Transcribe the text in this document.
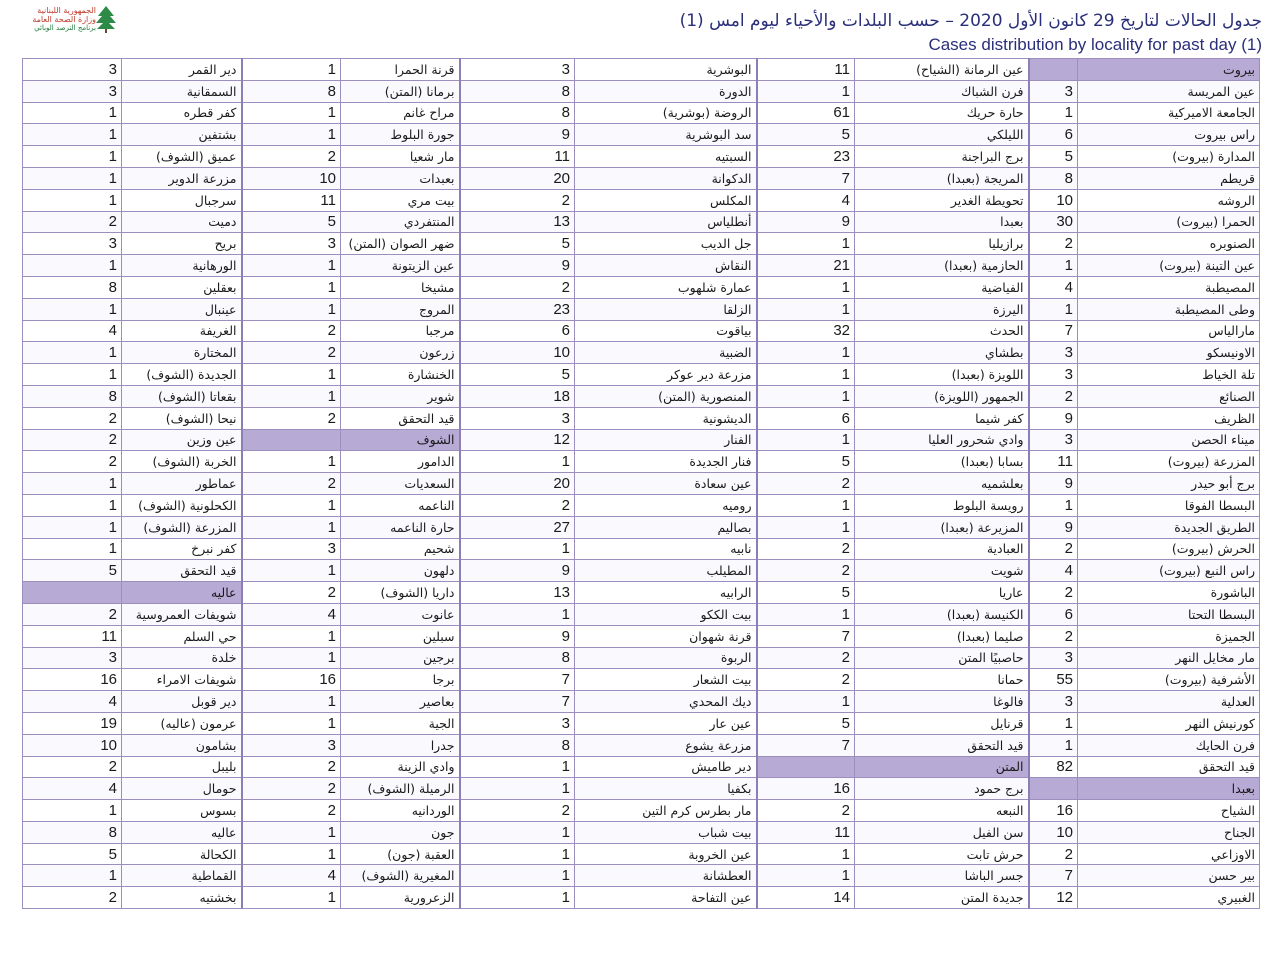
الجمهورية اللبنانية
وزارة الصحة العامة
برنامج الترصد الوبائي	جدول الحالات لتاريخ 29 كانون الأول 2020 – حسب البلدات والأحياء ليوم امس (1)
Cases distribution by locality for past day (1)
3	دير القمر	1	قرنة الحمرا	3	البوشرية	11	عين الرمانة (الشياح)		بيروت
3	السمقانية	8	برمانا (المتن)	8	الدورة	1	فرن الشباك	3	عين المريسة
1	كفر قطره	1	مراح غانم	8	الروضة (بوشرية)	61	حارة حريك	1	الجامعة الاميركية
1	بشتفين	1	جورة البلوط	9	سد البوشرية	5	الليلكي	6	راس بيروت
1	عميق (الشوف)	2	مار شعيا	11	السبتيه	23	برج البراجنة	5	المدارة (بيروت)
1	مزرعة الدوير	10	بعبدات	20	الدكوانة	7	المريجة (بعبدا)	8	قريطم
1	سرجبال	11	بيت مري	2	المكلس	4	تحويطة الغدير	10	الروشه
2	دميت	5	المنتفردي	13	أنطلياس	9	بعبدا	30	الحمرا (بيروت)
3	بريح	3	ضهر الصوان (المتن)	5	جل الديب	1	برازيليا	2	الصنوبره
1	الورهانية	1	عين الزيتونة	9	النقاش	21	الحازمية (بعبدا)	1	عين التينة (بيروت)
8	بعقلين	1	مشيخا	2	عمارة شلهوب	1	الفياضية	4	المصيطبة
1	عينبال	1	المروج	23	الزلقا	1	اليرزة	1	وطى المصيطبة
4	الغريفة	2	مرجبا	6	بياقوت	32	الحدث	7	مارالياس
1	المختارة	2	زرعون	10	الضبية	1	بطشاي	3	الاونيسكو
1	الجديدة (الشوف)	1	الخنشارة	5	مزرعة دير عوكر	1	اللويزة (بعبدا)	3	تلة الخياط
8	بقعاتا (الشوف)	1	شوير	18	المنصورية (المتن)	1	الجمهور (اللويزة)	2	الصنائع
2	نيحا (الشوف)	2	قيد التحقق	3	الديشونية	6	كفر شيما	9	الظريف
2	عين وزين		الشوف	12	الفنار	1	وادي شحرور العليا	3	ميناء الحصن
2	الخربة (الشوف)	1	الدامور	1	فنار الجديدة	5	بسابا (بعبدا)	11	المزرعة (بيروت)
1	عماطور	2	السعديات	20	عين سعادة	2	بعلشميه	9	برج أبو حيدر
1	الكحلونية (الشوف)	1	الناعمه	2	روميه	1	رويسة البلوط	1	البسطا الفوقا
1	المزرعة (الشوف)	1	حارة الناعمه	27	بصاليم	1	المزيرعة (بعبدا)	9	الطريق الجديدة
1	كفر نبرخ	3	شحيم	1	نابيه	2	العبادية	2	الحرش (بيروت)
5	قيد التحقق	1	دلهون	9	المطيلب	2	شويت	4	راس النبع (بيروت)
	عاليه	2	داريا (الشوف)	13	الرابيه	5	عاريا	2	الباشورة
2	شويفات العمروسية	4	عانوت	1	بيت الككو	1	الكنيسة (بعبدا)	6	البسطا التحتا
11	حي السلم	1	سبلين	9	قرنة شهوان	7	صليما (بعبدا)	2	الجميزة
3	خلدة	1	برجين	8	الربوة	2	حاصبيًا المتن	3	مار مخايل النهر
16	شويفات الامراء	16	برجا	7	بيت الشعار	2	حمانا	55	الأشرفية (بيروت)
4	دير قوبل	1	بعاصير	7	ديك المحدي	1	فالوغا	3	العدلية
19	عرمون (عاليه)	1	الجية	3	عين عار	5	قرنايل	1	كورنيش النهر
10	بشامون	3	جدرا	8	مزرعة يشوع	7	قيد التحقق	1	فرن الحايك
2	بليبل	2	وادي الزينة	1	دير طاميش		المتن	82	قيد التحقق
4	حومال	2	الرميلة (الشوف)	1	بكفيا	16	برج حمود		بعبدا
1	بسوس	2	الوردانيه	2	مار بطرس كرم التين	2	النبعه	16	الشياح
8	عاليه	1	جون	1	بيت شباب	11	سن الفيل	10	الجناح
5	الكحالة	1	العقبة (جون)	1	عين الخروبة	1	حرش تابت	2	الاوزاعي
1	القماطية	4	المغيرية (الشوف)	1	العطشانة	1	جسر الباشا	7	بير حسن
2	بخشتيه	1	الزعرورية	1	عين التفاحة	14	جديدة المتن	12	الغبيري
